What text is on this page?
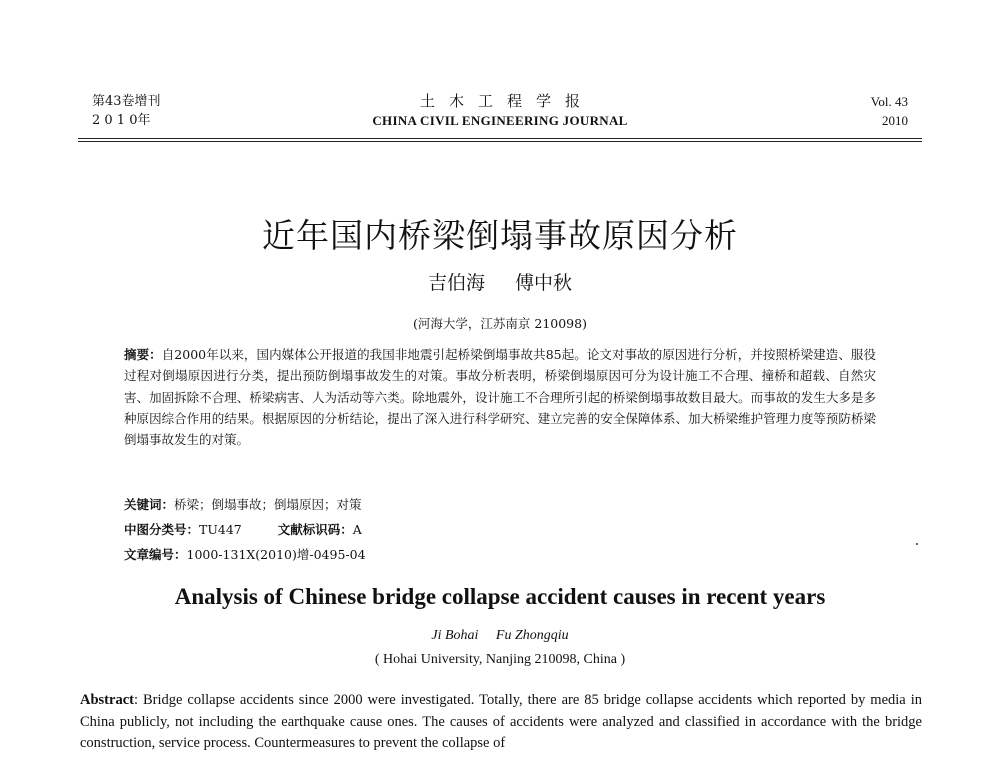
第43卷增刊
2 0 1 0年
土木工程学报
CHINA CIVIL ENGINEERING JOURNAL
Vol. 43
2010
近年国内桥梁倒塌事故原因分析
吉伯海 傅中秋
(河海大学，江苏南京 210098)
摘要：自2000年以来，国内媒体公开报道的我国非地震引起桥梁倒塌事故共85起。论文对事故的原因进行分析，并按照桥梁建造、服役过程对倒塌原因进行分类，提出预防倒塌事故发生的对策。事故分析表明，桥梁倒塌原因可分为设计施工不合理、撞桥和超载、自然灾害、加固拆除不合理、桥梁病害、人为活动等六类。除地震外，设计施工不合理所引起的桥梁倒塌事故数目最大。而事故的发生大多是多种原因综合作用的结果。根据原因的分析结论，提出了深入进行科学研究、建立完善的安全保障体系、加大桥梁维护管理力度等预防桥梁倒塌事故发生的对策。
关键词：桥梁；倒塌事故；倒塌原因；对策
中图分类号：TU447	文献标识码：A
文章编号：1000-131X(2010)增-0495-04
Analysis of Chinese bridge collapse accident causes in recent years
Ji Bohai Fu Zhongqiu
( Hohai University, Nanjing 210098, China )
Abstract: Bridge collapse accidents since 2000 were investigated. Totally, there are 85 bridge collapse accidents which reported by media in China publicly, not including the earthquake cause ones. The causes of accidents were analyzed and classified in accordance with the bridge construction, service process. Countermeasures to prevent the collapse of
